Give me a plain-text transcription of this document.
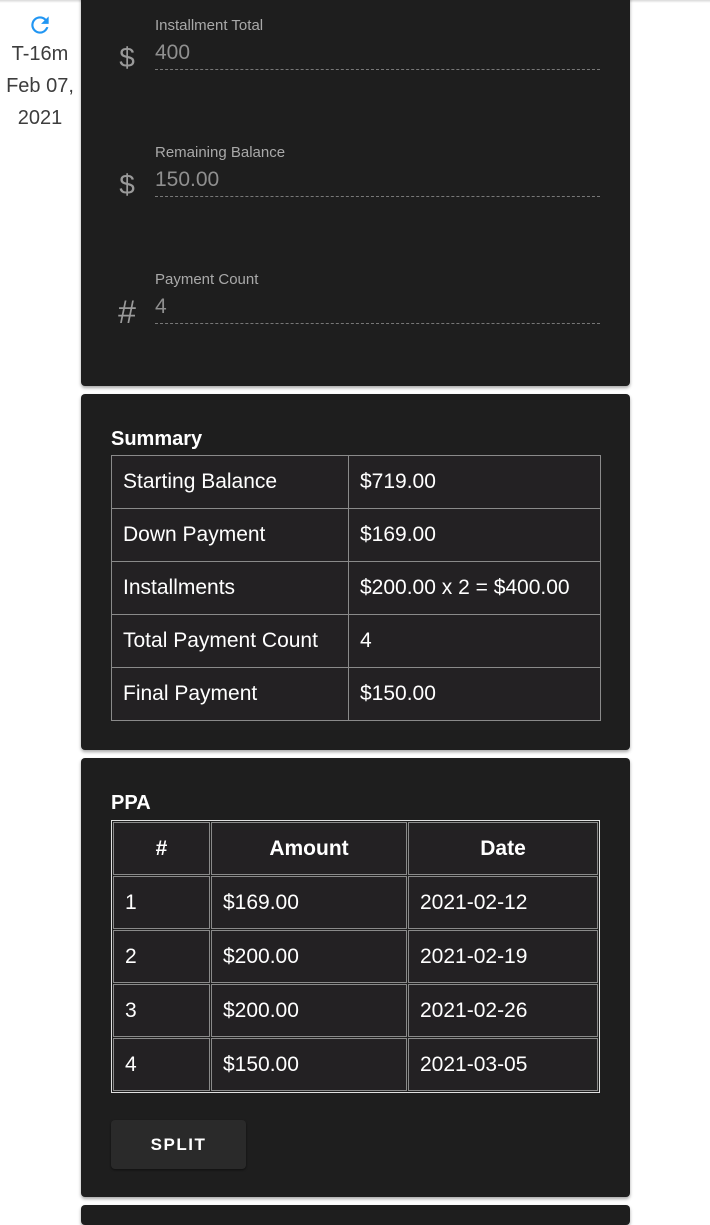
T-16m
Feb 07,
2021
$
Installment Total
400
$
Remaining Balance
150.00
#
Payment Count
4
Summary
Starting Balance	$719.00
Down Payment	$169.00
Installments	$200.00 x 2 = $400.00
Total Payment Count	4
Final Payment	$150.00
PPA
#	Amount	Date
1	$169.00	2021-02-12
2	$200.00	2021-02-19
3	$200.00	2021-02-26
4	$150.00	2021-03-05
SPLIT
